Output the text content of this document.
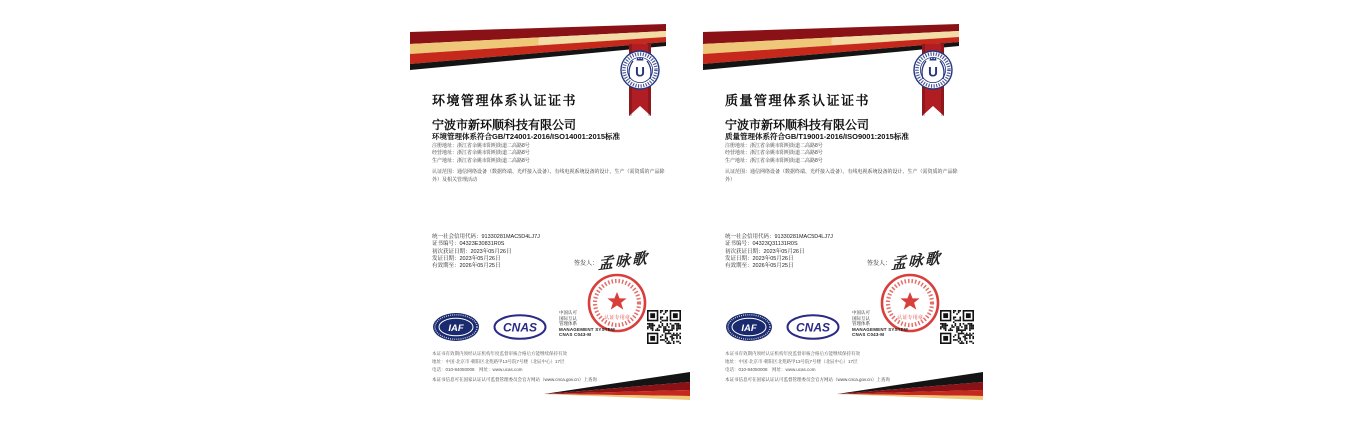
U
环境管理体系认证证书
宁波市新环顺科技有限公司
环境管理体系符合GB/T24001-2016/ISO14001:2015标准
注册地址：浙江省余姚市阳明街道二高路8号
经营地址：浙江省余姚市阳明街道二高路8号
生产地址：浙江省余姚市阳明街道二高路8号
认证范围：通信网络设备（数据终端、光纤接入设备）、有线电视系统设备的设计、生产（需资质的产品除外）及相关管理活动
统一社会信用代码：91330281MAC5D4LJ7J
证书编号：04323E30831R0S
初次获证日期：2023年05月26日
发证日期：2023年05月26日
有效期至：2026年05月25日	签发人： 孟咏歌
认证专用章
IAF	CNAS
中国认可
国际互认
管理体系
MANAGEMENT SYSTEM
CNAS C043-M
本证书有效期内须经认证机构年度监督审核合格后方能继续保持有效
地址：中国·北京市·朝阳区北苑路甲13号院7号楼（北辰中心）17层
电话：010-84050008　网址：www.ucas.com
本证书信息可在国家认证认可监督管理委员会官方网站（www.cnca.gov.cn）上查询
U
质量管理体系认证证书
宁波市新环顺科技有限公司
质量管理体系符合GB/T19001-2016/ISO9001:2015标准
注册地址：浙江省余姚市阳明街道二高路8号
经营地址：浙江省余姚市阳明街道二高路8号
生产地址：浙江省余姚市阳明街道二高路8号
认证范围：通信网络设备（数据终端、光纤接入设备）、有线电视系统设备的设计、生产（需资质的产品除外）
统一社会信用代码：91330281MAC5D4LJ7J
证书编号：04323Q31131R0S
初次获证日期：2023年05月26日
发证日期：2023年05月26日
有效期至：2026年05月25日	签发人： 孟咏歌
认证专用章
IAF	CNAS
中国认可
国际互认
管理体系
MANAGEMENT SYSTEM
CNAS C043-M
本证书有效期内须经认证机构年度监督审核合格后方能继续保持有效
地址：中国·北京市·朝阳区北苑路甲13号院7号楼（北辰中心）17层
电话：010-84050008　网址：www.ucas.com
本证书信息可在国家认证认可监督管理委员会官方网站（www.cnca.gov.cn）上查询
